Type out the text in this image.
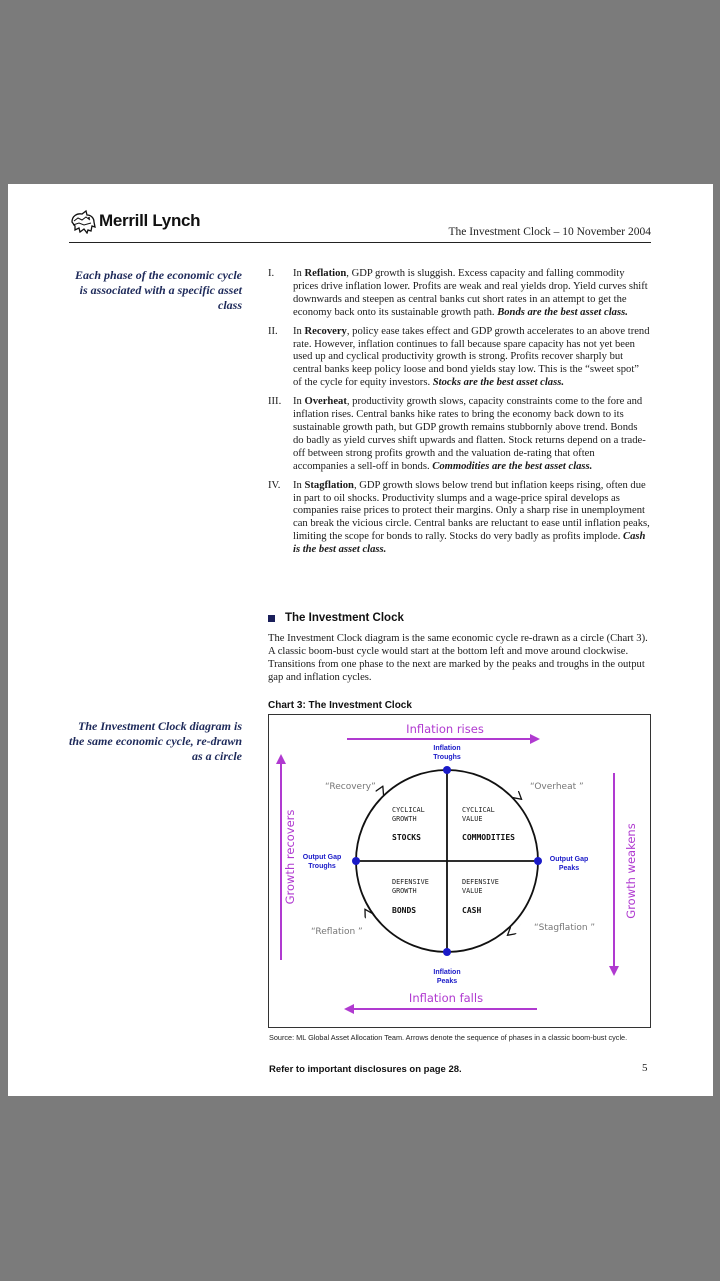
Merrill Lynch
The Investment Clock – 10 November 2004
Each phase of the economic cycle is associated with a specific asset class
The Investment Clock diagram is the same economic cycle, re-drawn as a circle
I. In Reflation, GDP growth is sluggish. Excess capacity and falling commodity prices drive inflation lower. Profits are weak and real yields drop. Yield curves shift downwards and steepen as central banks cut short rates in an attempt to get the economy back onto its sustainable growth path. Bonds are the best asset class.
II. In Recovery, policy ease takes effect and GDP growth accelerates to an above trend rate. However, inflation continues to fall because spare capacity has not yet been used up and cyclical productivity growth is strong. Profits recover sharply but central banks keep policy loose and bond yields stay low. This is the “sweet spot” of the cycle for equity investors. Stocks are the best asset class.
III. In Overheat, productivity growth slows, capacity constraints come to the fore and inflation rises. Central banks hike rates to bring the economy back down to its sustainable growth path, but GDP growth remains stubbornly above trend. Bonds do badly as yield curves shift upwards and flatten. Stock returns depend on a trade-off between strong profits growth and the valuation de-rating that often accompanies a sell-off in bonds. Commodities are the best asset class.
IV. In Stagflation, GDP growth slows below trend but inflation keeps rising, often due in part to oil shocks. Productivity slumps and a wage-price spiral develops as companies raise prices to protect their margins. Only a sharp rise in unemployment can break the vicious circle. Central banks are reluctant to ease until inflation peaks, limiting the scope for bonds to rally. Stocks do very badly as profits implode. Cash is the best asset class.
The Investment Clock

The Investment Clock diagram is the same economic cycle re-drawn as a circle (Chart 3). A classic boom-bust cycle would start at the bottom left and move around clockwise. Transitions from one phase to the next are marked by the peaks and troughs in the output gap and inflation cycles.

Chart 3: The Investment Clock
Inflation rises
Inflation falls
Growth recovers	Growth weakens
Inflation
Troughs
Inflation
Peaks
Output Gap
Troughs
Output Gap
Peaks
“Recovery”	“Overheat ”
“Stagflation ”
“Reflation ”
CYCLICAL
GROWTH
CYCLICAL
VALUE
DEFENSIVE
GROWTH
DEFENSIVE
VALUE
STOCKS	COMMODITIES
BONDS	CASH
Source: ML Global Asset Allocation Team. Arrows denote the sequence of phases in a classic boom-bust cycle.
Refer to important disclosures on page 28.	5
